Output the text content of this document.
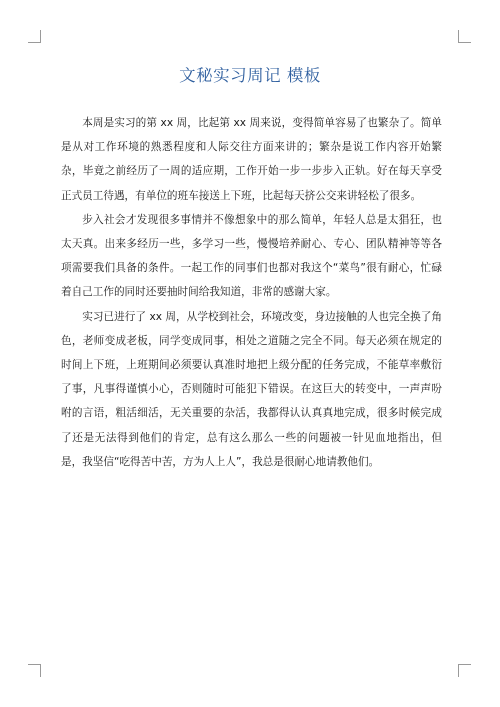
文秘实习周记 模板

本周是实习的第 xx 周，比起第 xx 周来说，变得简单容易了也繁杂了。简单是从对工作环境的熟悉程度和人际交往方面来讲的；繁杂是说工作内容开始繁杂，毕竟之前经历了一周的适应期，工作开始一步一步步入正轨。好在每天享受正式员工待遇，有单位的班车接送上下班，比起每天挤公交来讲轻松了很多。

步入社会才发现很多事情并不像想象中的那么简单，年轻人总是太猖狂，也太天真。出来多经历一些，多学习一些，慢慢培养耐心、专心、团队精神等等各项需要我们具备的条件。一起工作的同事们也都对我这个“菜鸟”很有耐心，忙碌着自己工作的同时还要抽时间给我知道，非常的感谢大家。

实习已进行了 xx 周，从学校到社会，环境改变，身边接触的人也完全换了角色，老师变成老板，同学变成同事，相处之道随之完全不同。每天必须在规定的时间上下班，上班期间必须要认真准时地把上级分配的任务完成，不能草率敷衍了事，凡事得谨慎小心，否则随时可能犯下错误。在这巨大的转变中，一声声吩咐的言语，粗活细活，无关重要的杂活，我都得认认真真地完成，很多时候完成了还是无法得到他们的肯定，总有这么那么一些的问题被一针见血地指出，但是，我坚信“吃得苦中苦，方为人上人”，我总是很耐心地请教他们。
